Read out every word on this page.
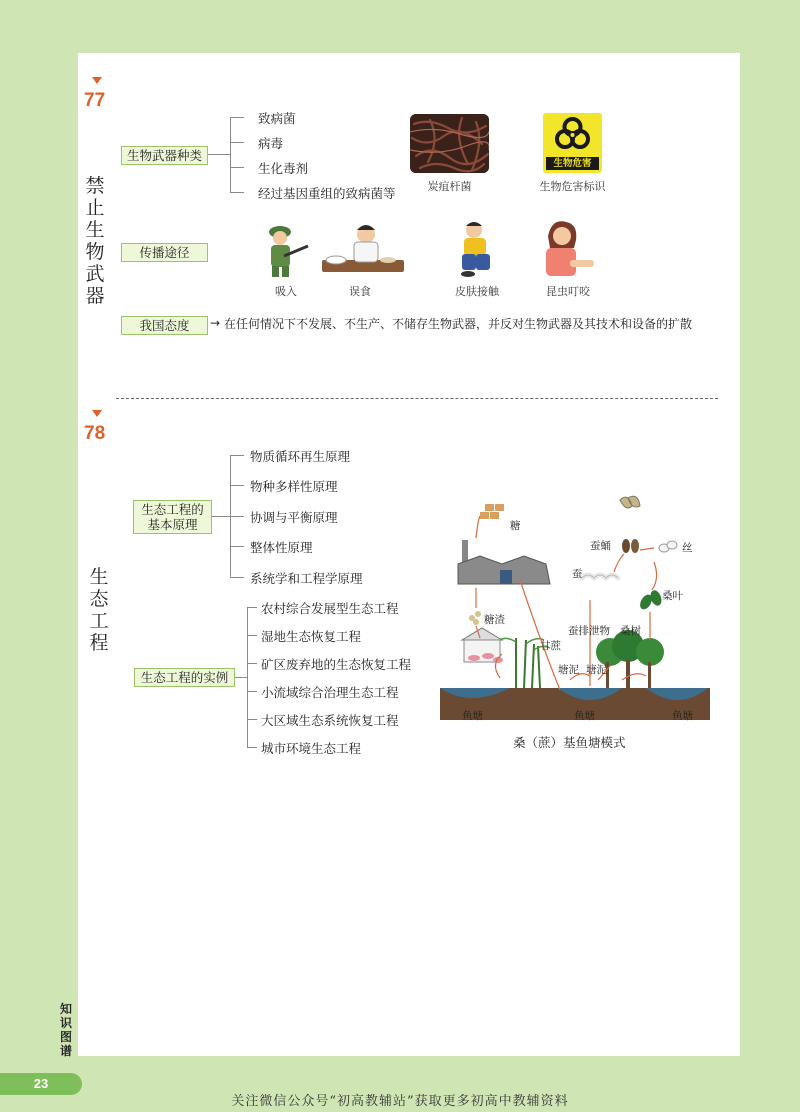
77
禁止生物武器
生物武器种类
致病菌
病毒
生化毒剂
经过基因重组的致病菌等	炭疽杆菌
生物危害
生物危害标识
传播途径
吸入	误食	皮肤接触	昆虫叮咬
我国态度	→ 在任何情况下不发展、不生产、不储存生物武器，并反对生物武器及其技术和设备的扩散
78
生态工程
生态工程的基本原理
物质循环再生原理
物种多样性原理
协调与平衡原理
整体性原理
系统学和工程学原理
生态工程的实例
农村综合发展型生态工程
湿地生态恢复工程
矿区废弃地的生态恢复工程
小流域综合治理生态工程
大区域生态系统恢复工程
城市环境生态工程
糖
糖渣
甘蔗
鱼塘	鱼塘	鱼塘
塘泥 塘泥
蚕排泄物
蚕
蚕蛹	丝
桑叶
桑树
桑（蔗）基鱼塘模式
知识图谱
23
关注微信公众号“初高教辅站”获取更多初高中教辅资料
